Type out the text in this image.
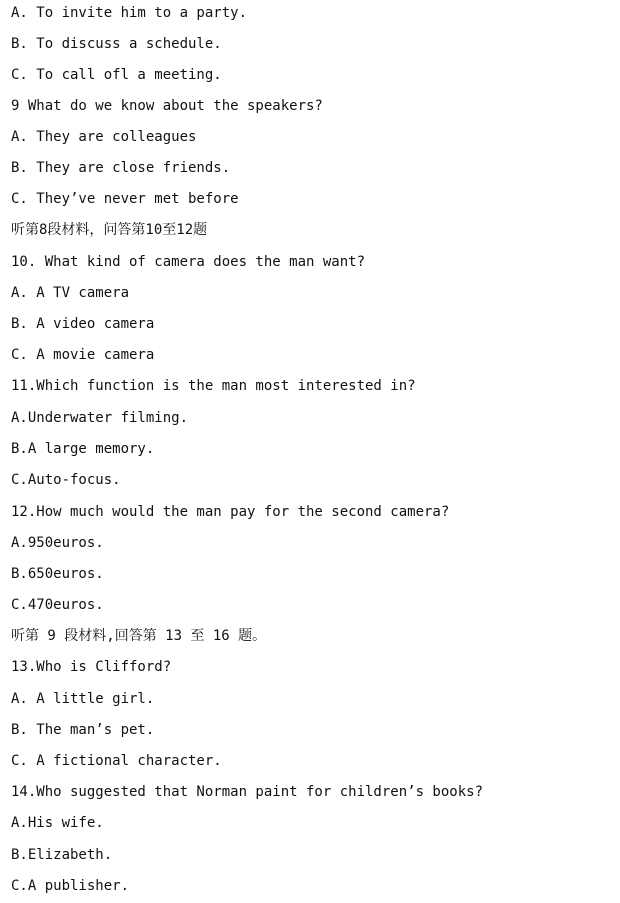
A. To invite him to a party.
B. To discuss a schedule.
C. To call ofl a meeting.
9 What do we know about the speakers?
A. They are colleagues
B. They are close friends.
C. They’ve never met before
听第8段材料，问答第10至12题
10. What kind of camera does the man want?
A. A TV camera
B. A video camera
C. A movie camera
11.Which function is the man most interested in?
A.Underwater filming.
B.A large memory.
C.Auto-focus.
12.How much would the man pay for the second camera?
A.950euros.
B.650euros.
C.470euros.
听第 9 段材料,回答第 13 至 16 题。
13.Who is Clifford?
A. A little girl.
B. The man’s pet.
C. A fictional character.
14.Who suggested that Norman paint for children’s books?
A.His wife.
B.Elizabeth.
C.A publisher.
